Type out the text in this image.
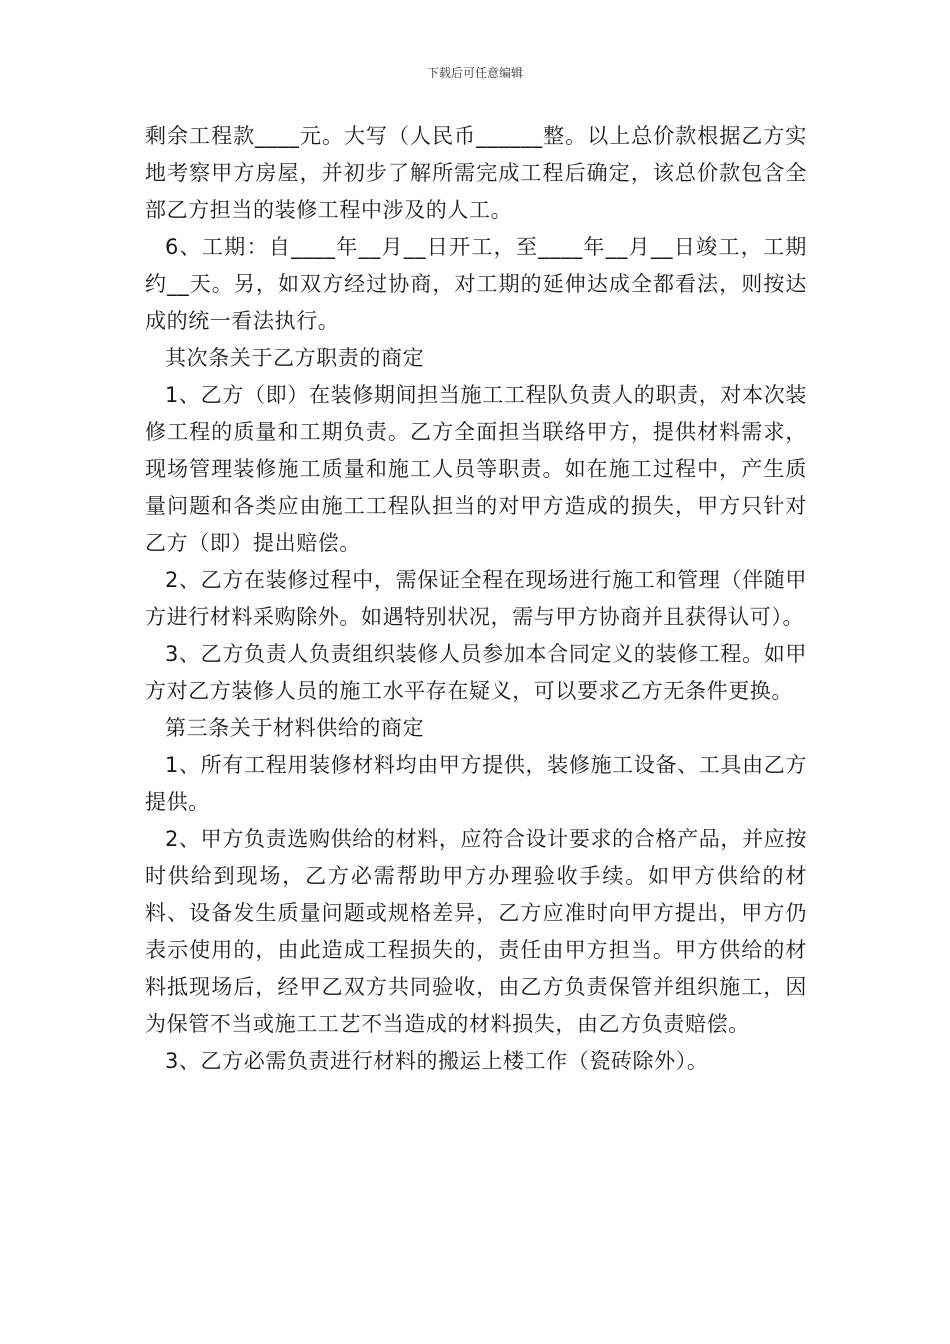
下载后可任意编辑

剩余工程款____元。大写（人民币______整。以上总价款根据乙方实地考察甲方房屋，并初步了解所需完成工程后确定，该总价款包含全部乙方担当的装修工程中涉及的人工。

6、工期：自____年__月__日开工，至____年__月__日竣工，工期约__天。另，如双方经过协商，对工期的延伸达成全都看法，则按达成的统一看法执行。

其次条关于乙方职责的商定

1、乙方（即）在装修期间担当施工工程队负责人的职责，对本次装修工程的质量和工期负责。乙方全面担当联络甲方，提供材料需求，现场管理装修施工质量和施工人员等职责。如在施工过程中，产生质量问题和各类应由施工工程队担当的对甲方造成的损失，甲方只针对乙方（即）提出赔偿。

2、乙方在装修过程中，需保证全程在现场进行施工和管理（伴随甲方进行材料采购除外。如遇特别状况，需与甲方协商并且获得认可）。

3、乙方负责人负责组织装修人员参加本合同定义的装修工程。如甲方对乙方装修人员的施工水平存在疑义，可以要求乙方无条件更换。

第三条关于材料供给的商定

1、所有工程用装修材料均由甲方提供，装修施工设备、工具由乙方提供。

2、甲方负责选购供给的材料，应符合设计要求的合格产品，并应按时供给到现场，乙方必需帮助甲方办理验收手续。如甲方供给的材料、设备发生质量问题或规格差异，乙方应准时向甲方提出，甲方仍表示使用的，由此造成工程损失的，责任由甲方担当。甲方供给的材料抵现场后，经甲乙双方共同验收，由乙方负责保管并组织施工，因为保管不当或施工工艺不当造成的材料损失，由乙方负责赔偿。

3、乙方必需负责进行材料的搬运上楼工作（瓷砖除外）。
